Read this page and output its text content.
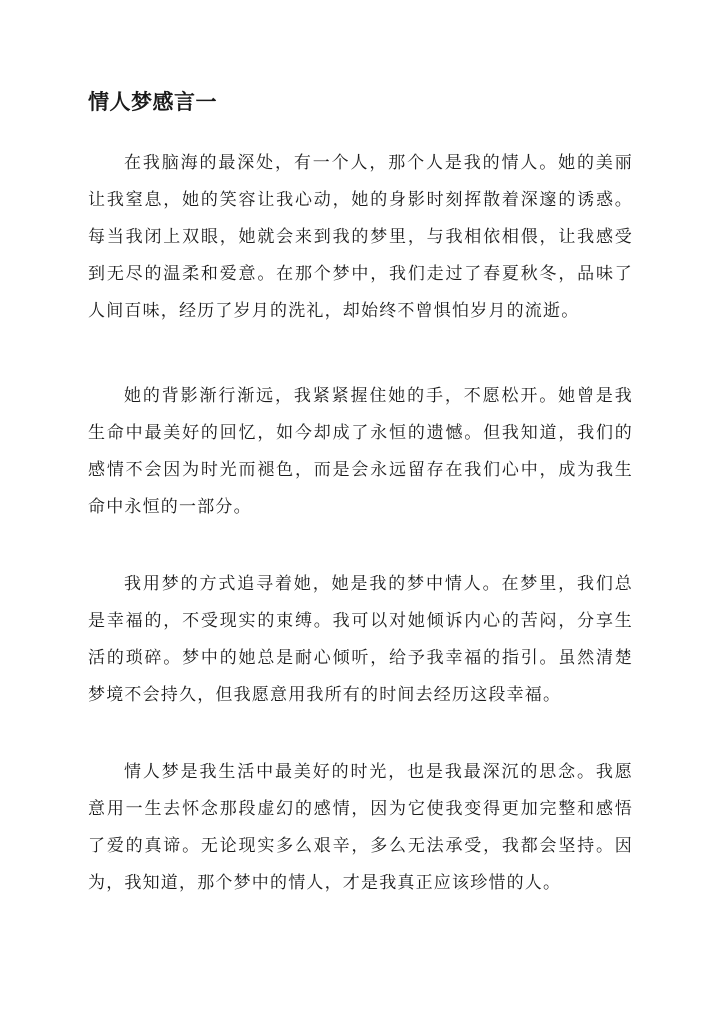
情人梦感言一

在我脑海的最深处，有一个人，那个人是我的情人。她的美丽让我窒息，她的笑容让我心动，她的身影时刻挥散着深邃的诱惑。每当我闭上双眼，她就会来到我的梦里，与我相依相偎，让我感受到无尽的温柔和爱意。在那个梦中，我们走过了春夏秋冬，品味了人间百味，经历了岁月的洗礼，却始终不曾惧怕岁月的流逝。

她的背影渐行渐远，我紧紧握住她的手，不愿松开。她曾是我生命中最美好的回忆，如今却成了永恒的遗憾。但我知道，我们的感情不会因为时光而褪色，而是会永远留存在我们心中，成为我生命中永恒的一部分。

我用梦的方式追寻着她，她是我的梦中情人。在梦里，我们总是幸福的，不受现实的束缚。我可以对她倾诉内心的苦闷，分享生活的琐碎。梦中的她总是耐心倾听，给予我幸福的指引。虽然清楚梦境不会持久，但我愿意用我所有的时间去经历这段幸福。

情人梦是我生活中最美好的时光，也是我最深沉的思念。我愿意用一生去怀念那段虚幻的感情，因为它使我变得更加完整和感悟了爱的真谛。无论现实多么艰辛，多么无法承受，我都会坚持。因为，我知道，那个梦中的情人，才是我真正应该珍惜的人。
